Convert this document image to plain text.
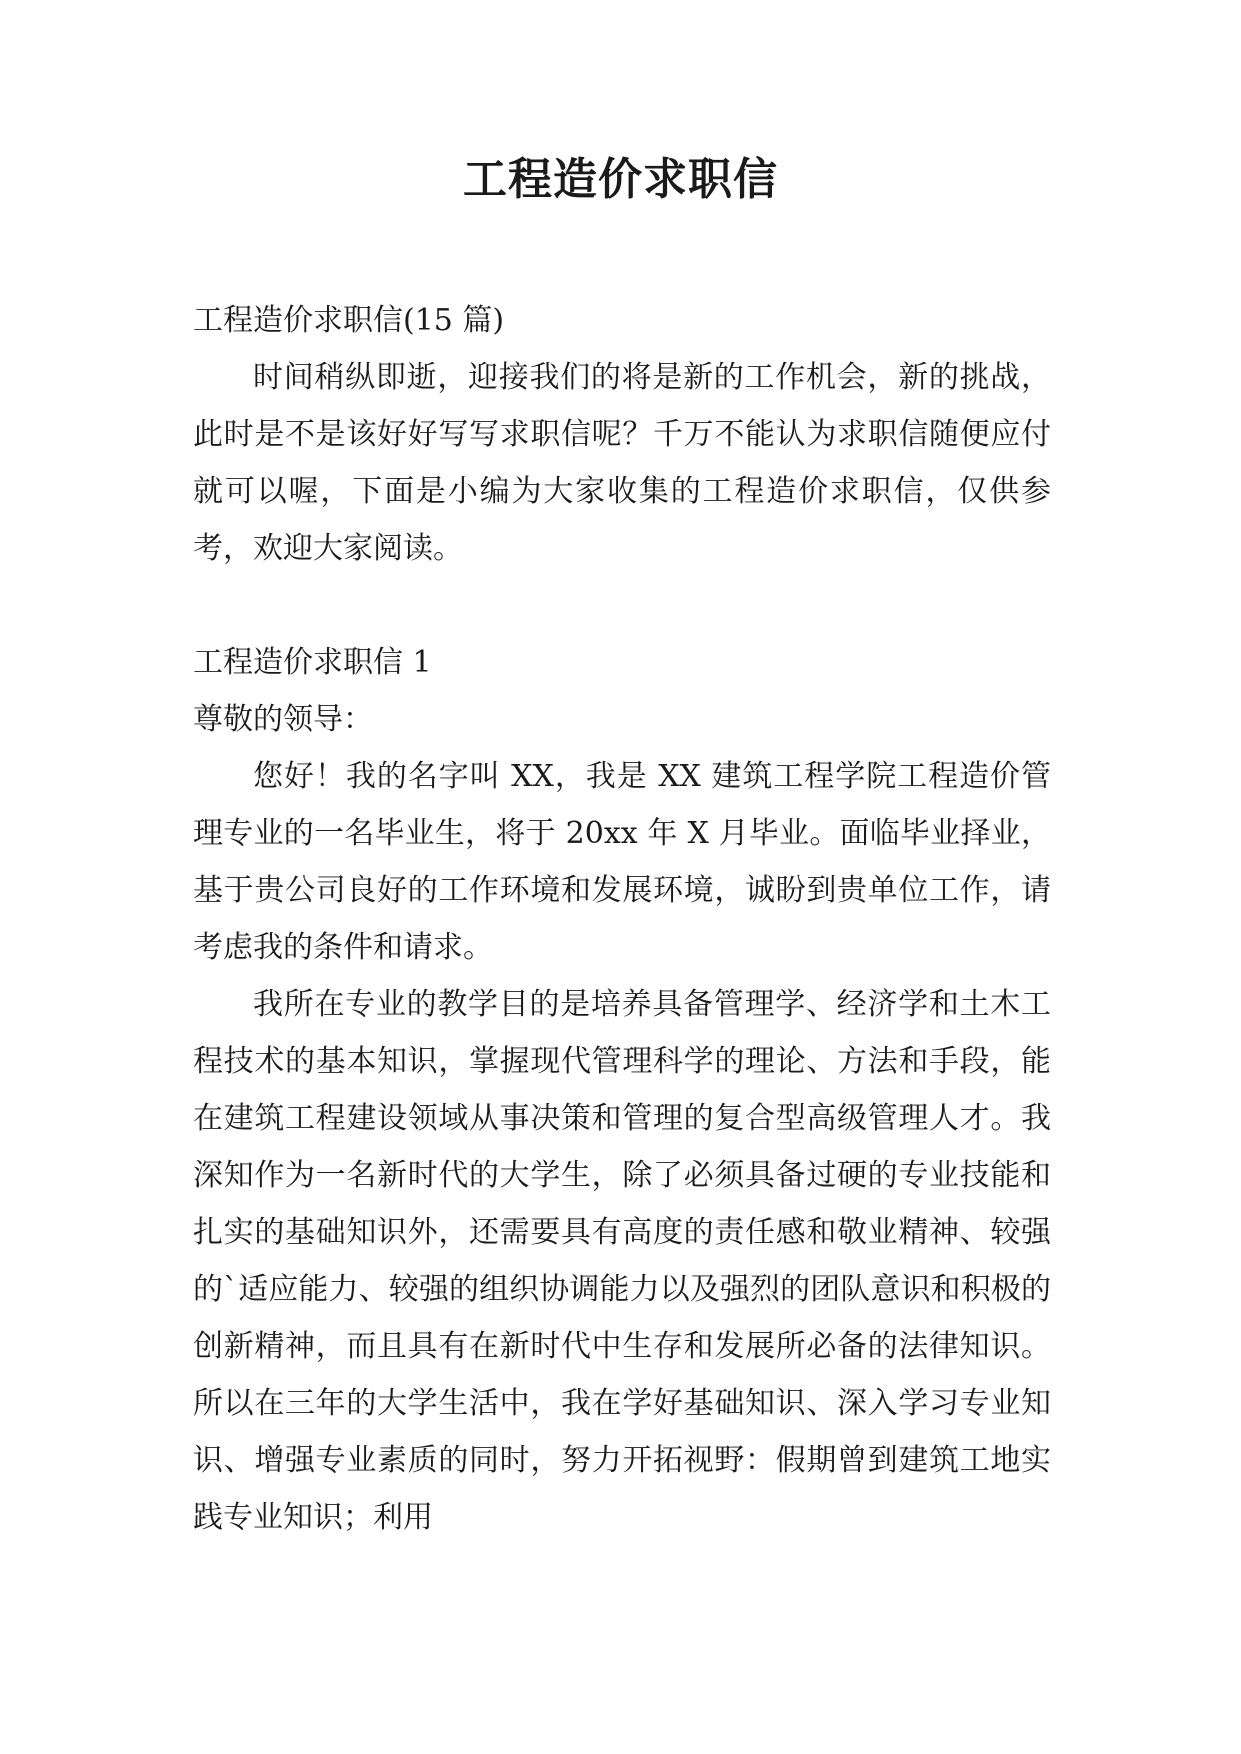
工程造价求职信

工程造价求职信(15 篇)

时间稍纵即逝，迎接我们的将是新的工作机会，新的挑战，此时是不是该好好写写求职信呢？千万不能认为求职信随便应付就可以喔，下面是小编为大家收集的工程造价求职信，仅供参考，欢迎大家阅读。

工程造价求职信 1

尊敬的领导：

您好！我的名字叫 XX，我是 XX 建筑工程学院工程造价管理专业的一名毕业生，将于 20xx 年 X 月毕业。面临毕业择业，基于贵公司良好的工作环境和发展环境，诚盼到贵单位工作，请考虑我的条件和请求。

我所在专业的教学目的是培养具备管理学、经济学和土木工程技术的基本知识，掌握现代管理科学的理论、方法和手段，能在建筑工程建设领域从事决策和管理的复合型高级管理人才。我深知作为一名新时代的大学生，除了必须具备过硬的专业技能和扎实的基础知识外，还需要具有高度的责任感和敬业精神、较强的`适应能力、较强的组织协调能力以及强烈的团队意识和积极的创新精神，而且具有在新时代中生存和发展所必备的法律知识。所以在三年的大学生活中，我在学好基础知识、深入学习专业知识、增强专业素质的同时，努力开拓视野：假期曾到建筑工地实践专业知识；利用
